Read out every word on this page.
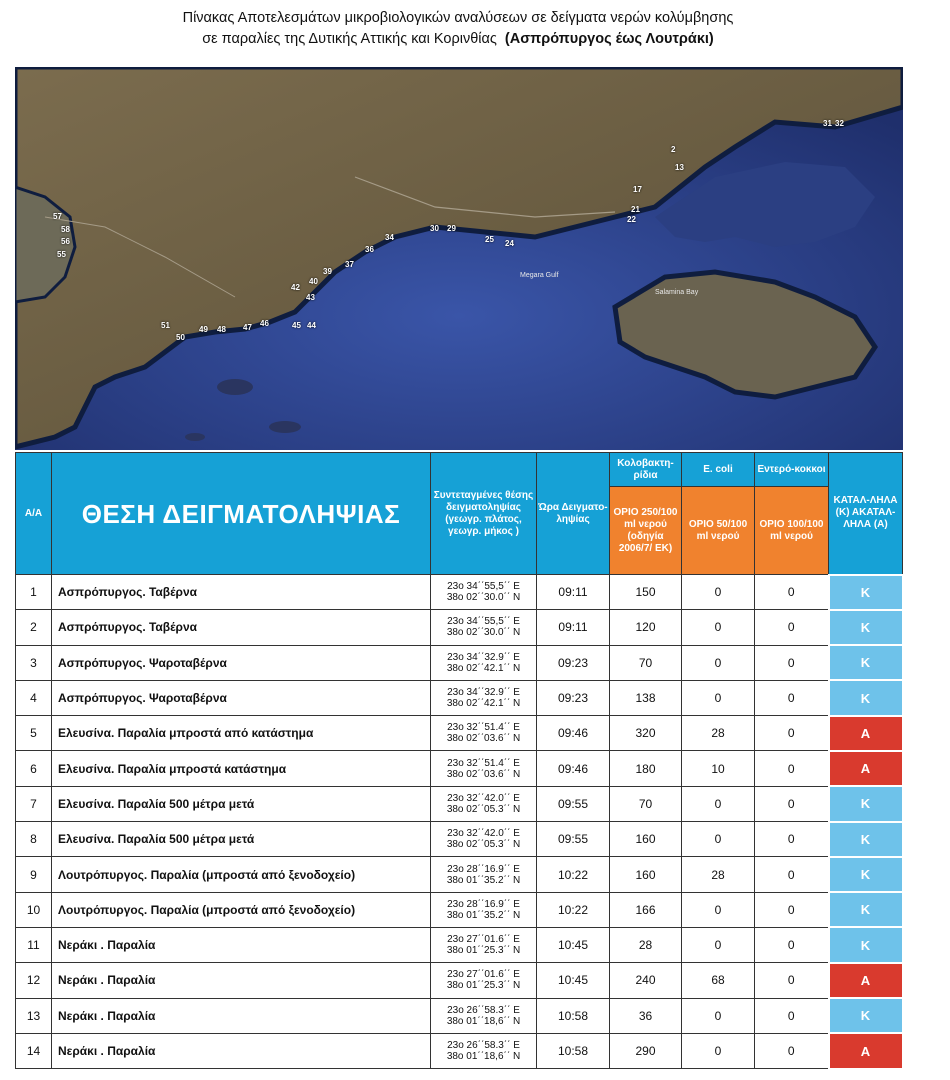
Πίνακας Αποτελεσμάτων μικροβιολογικών αναλύσεων σε δείγματα νερών κολύμβησης
σε παραλίες της Δυτικής Αττικής και Κορινθίας (Ασπρόπυργος έως Λουτράκι)
31 32
2
13
17
21
22
30 29
25 24
34
36
37
39
40
42
43
44
45
46
47
48
49
50
51
57
58
56
55
Megara Gulf
Salamina Bay
Α/Α	ΘΕΣΗ ΔΕΙΓΜΑΤΟΛΗΨΙΑΣ	Συντεταγμένες θέσης δειγματοληψίας (γεωγρ. πλάτος, γεωγρ. μήκος )	Ώρα Δειγματο-ληψίας	Κολοβακτη-ρίδια	E. coli	Εντερό-κοκκοι	ΚΑΤΑΛ-ΛΗΛΑ (Κ) ΑΚΑΤΑΛ-ΛΗΛΑ (Α)
				ΟΡΙΟ 250/100 ml νερού (οδηγία 2006/7/ ΕΚ)	ΟΡΙΟ 50/100 ml νερού	ΟΡΙΟ 100/100 ml νερού	
1	Ασπρόπυργος. Ταβέρνα	23ο 34΄΄55,5΄΄ Ε
38ο 02΄΄30.0΄΄ Ν	09:11	150	0	0	Κ
2	Ασπρόπυργος. Ταβέρνα	23ο 34΄΄55,5΄΄ Ε
38ο 02΄΄30.0΄΄ Ν	09:11	120	0	0	Κ
3	Ασπρόπυργος. Ψαροταβέρνα	23ο 34΄΄32.9΄΄ Ε
38ο 02΄΄42.1΄΄ Ν	09:23	70	0	0	Κ
4	Ασπρόπυργος. Ψαροταβέρνα	23ο 34΄΄32.9΄΄ Ε
38ο 02΄΄42.1΄΄ Ν	09:23	138	0	0	Κ
5	Ελευσίνα. Παραλία μπροστά από κατάστημα	23ο 32΄΄51.4΄΄ Ε
38ο 02΄΄03.6΄΄ Ν	09:46	320	28	0	Α
6	Ελευσίνα. Παραλία μπροστά κατάστημα	23ο 32΄΄51.4΄΄ Ε
38ο 02΄΄03.6΄΄ Ν	09:46	180	10	0	Α
7	Ελευσίνα. Παραλία 500 μέτρα μετά	23ο 32΄΄42.0΄΄ Ε
38ο 02΄΄05.3΄΄ Ν	09:55	70	0	0	Κ
8	Ελευσίνα. Παραλία 500 μέτρα μετά	23ο 32΄΄42.0΄΄ Ε
38ο 02΄΄05.3΄΄ Ν	09:55	160	0	0	Κ
9	Λουτρόπυργος. Παραλία (μπροστά από ξενοδοχείο)	23ο 28΄΄16.9΄΄ Ε
38ο 01΄΄35.2΄΄ Ν	10:22	160	28	0	Κ
10	Λουτρόπυργος. Παραλία (μπροστά από ξενοδοχείο)	23ο 28΄΄16.9΄΄ Ε
38ο 01΄΄35.2΄΄ Ν	10:22	166	0	0	Κ
11	Νεράκι . Παραλία	23ο 27΄΄01.6΄΄ Ε
38ο 01΄΄25.3΄΄ Ν	10:45	28	0	0	Κ
12	Νεράκι . Παραλία	23ο 27΄΄01.6΄΄ Ε
38ο 01΄΄25.3΄΄ Ν	10:45	240	68	0	Α
13	Νεράκι . Παραλία	23ο 26΄΄58.3΄΄ Ε
38ο 01΄΄18,6΄΄ Ν	10:58	36	0	0	Κ
14	Νεράκι . Παραλία	23ο 26΄΄58.3΄΄ Ε
38ο 01΄΄18,6΄΄ Ν	10:58	290	0	0	Α
